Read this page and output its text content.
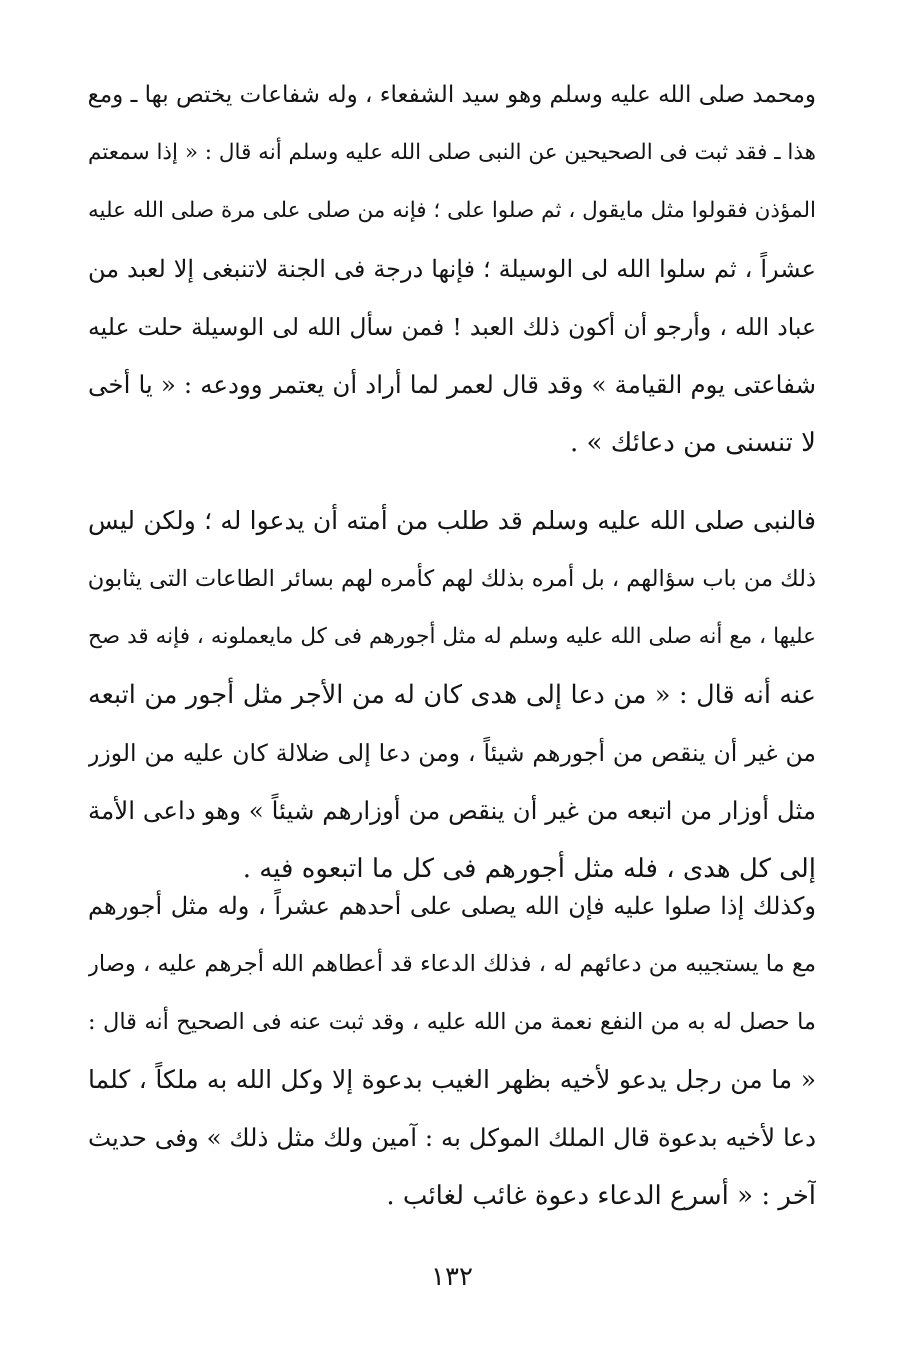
ومحمد صلى الله عليه وسلم وهو سيد الشفعاء ، وله شفاعات يختص بها ـ ومع
هذا ـ فقد ثبت فى الصحيحين عن النبى صلى الله عليه وسلم أنه قال : « إذا سمعتم
المؤذن فقولوا مثل مايقول ، ثم صلوا على ؛ فإنه من صلى على مرة صلى الله عليه
عشراً ، ثم سلوا الله لى الوسيلة ؛ فإنها درجة فى الجنة لاتنبغى إلا لعبد من
عباد الله ، وأرجو أن أكون ذلك العبد ! فمن سأل الله لى الوسيلة حلت عليه
شفاعتى يوم القيامة » وقد قال لعمر لما أراد أن يعتمر وودعه : « يا أخى
لا تنسنى من دعائك » .
فالنبى صلى الله عليه وسلم قد طلب من أمته أن يدعوا له ؛ ولكن ليس
ذلك من باب سؤالهم ، بل أمره بذلك لهم كأمره لهم بسائر الطاعات التى يثابون
عليها ، مع أنه صلى الله عليه وسلم له مثل أجورهم فى كل مايعملونه ، فإنه قد صح
عنه أنه قال : « من دعا إلى هدى كان له من الأجر مثل أجور من اتبعه
من غير أن ينقص من أجورهم شيئاً ، ومن دعا إلى ضلالة كان عليه من الوزر
مثل أوزار من اتبعه من غير أن ينقص من أوزارهم شيئاً » وهو داعى الأمة
إلى كل هدى ، فله مثل أجورهم فى كل ما اتبعوه فيه .
وكذلك إذا صلوا عليه فإن الله يصلى على أحدهم عشراً ، وله مثل أجورهم
مع ما يستجيبه من دعائهم له ، فذلك الدعاء قد أعطاهم الله أجرهم عليه ، وصار
ما حصل له به من النفع نعمة من الله عليه ، وقد ثبت عنه فى الصحيح أنه قال :
« ما من رجل يدعو لأخيه بظهر الغيب بدعوة إلا وكل الله به ملكاً ، كلما
دعا لأخيه بدعوة قال الملك الموكل به : آمين ولك مثل ذلك » وفى حديث
آخر : « أسرع الدعاء دعوة غائب لغائب .
١٣٢
